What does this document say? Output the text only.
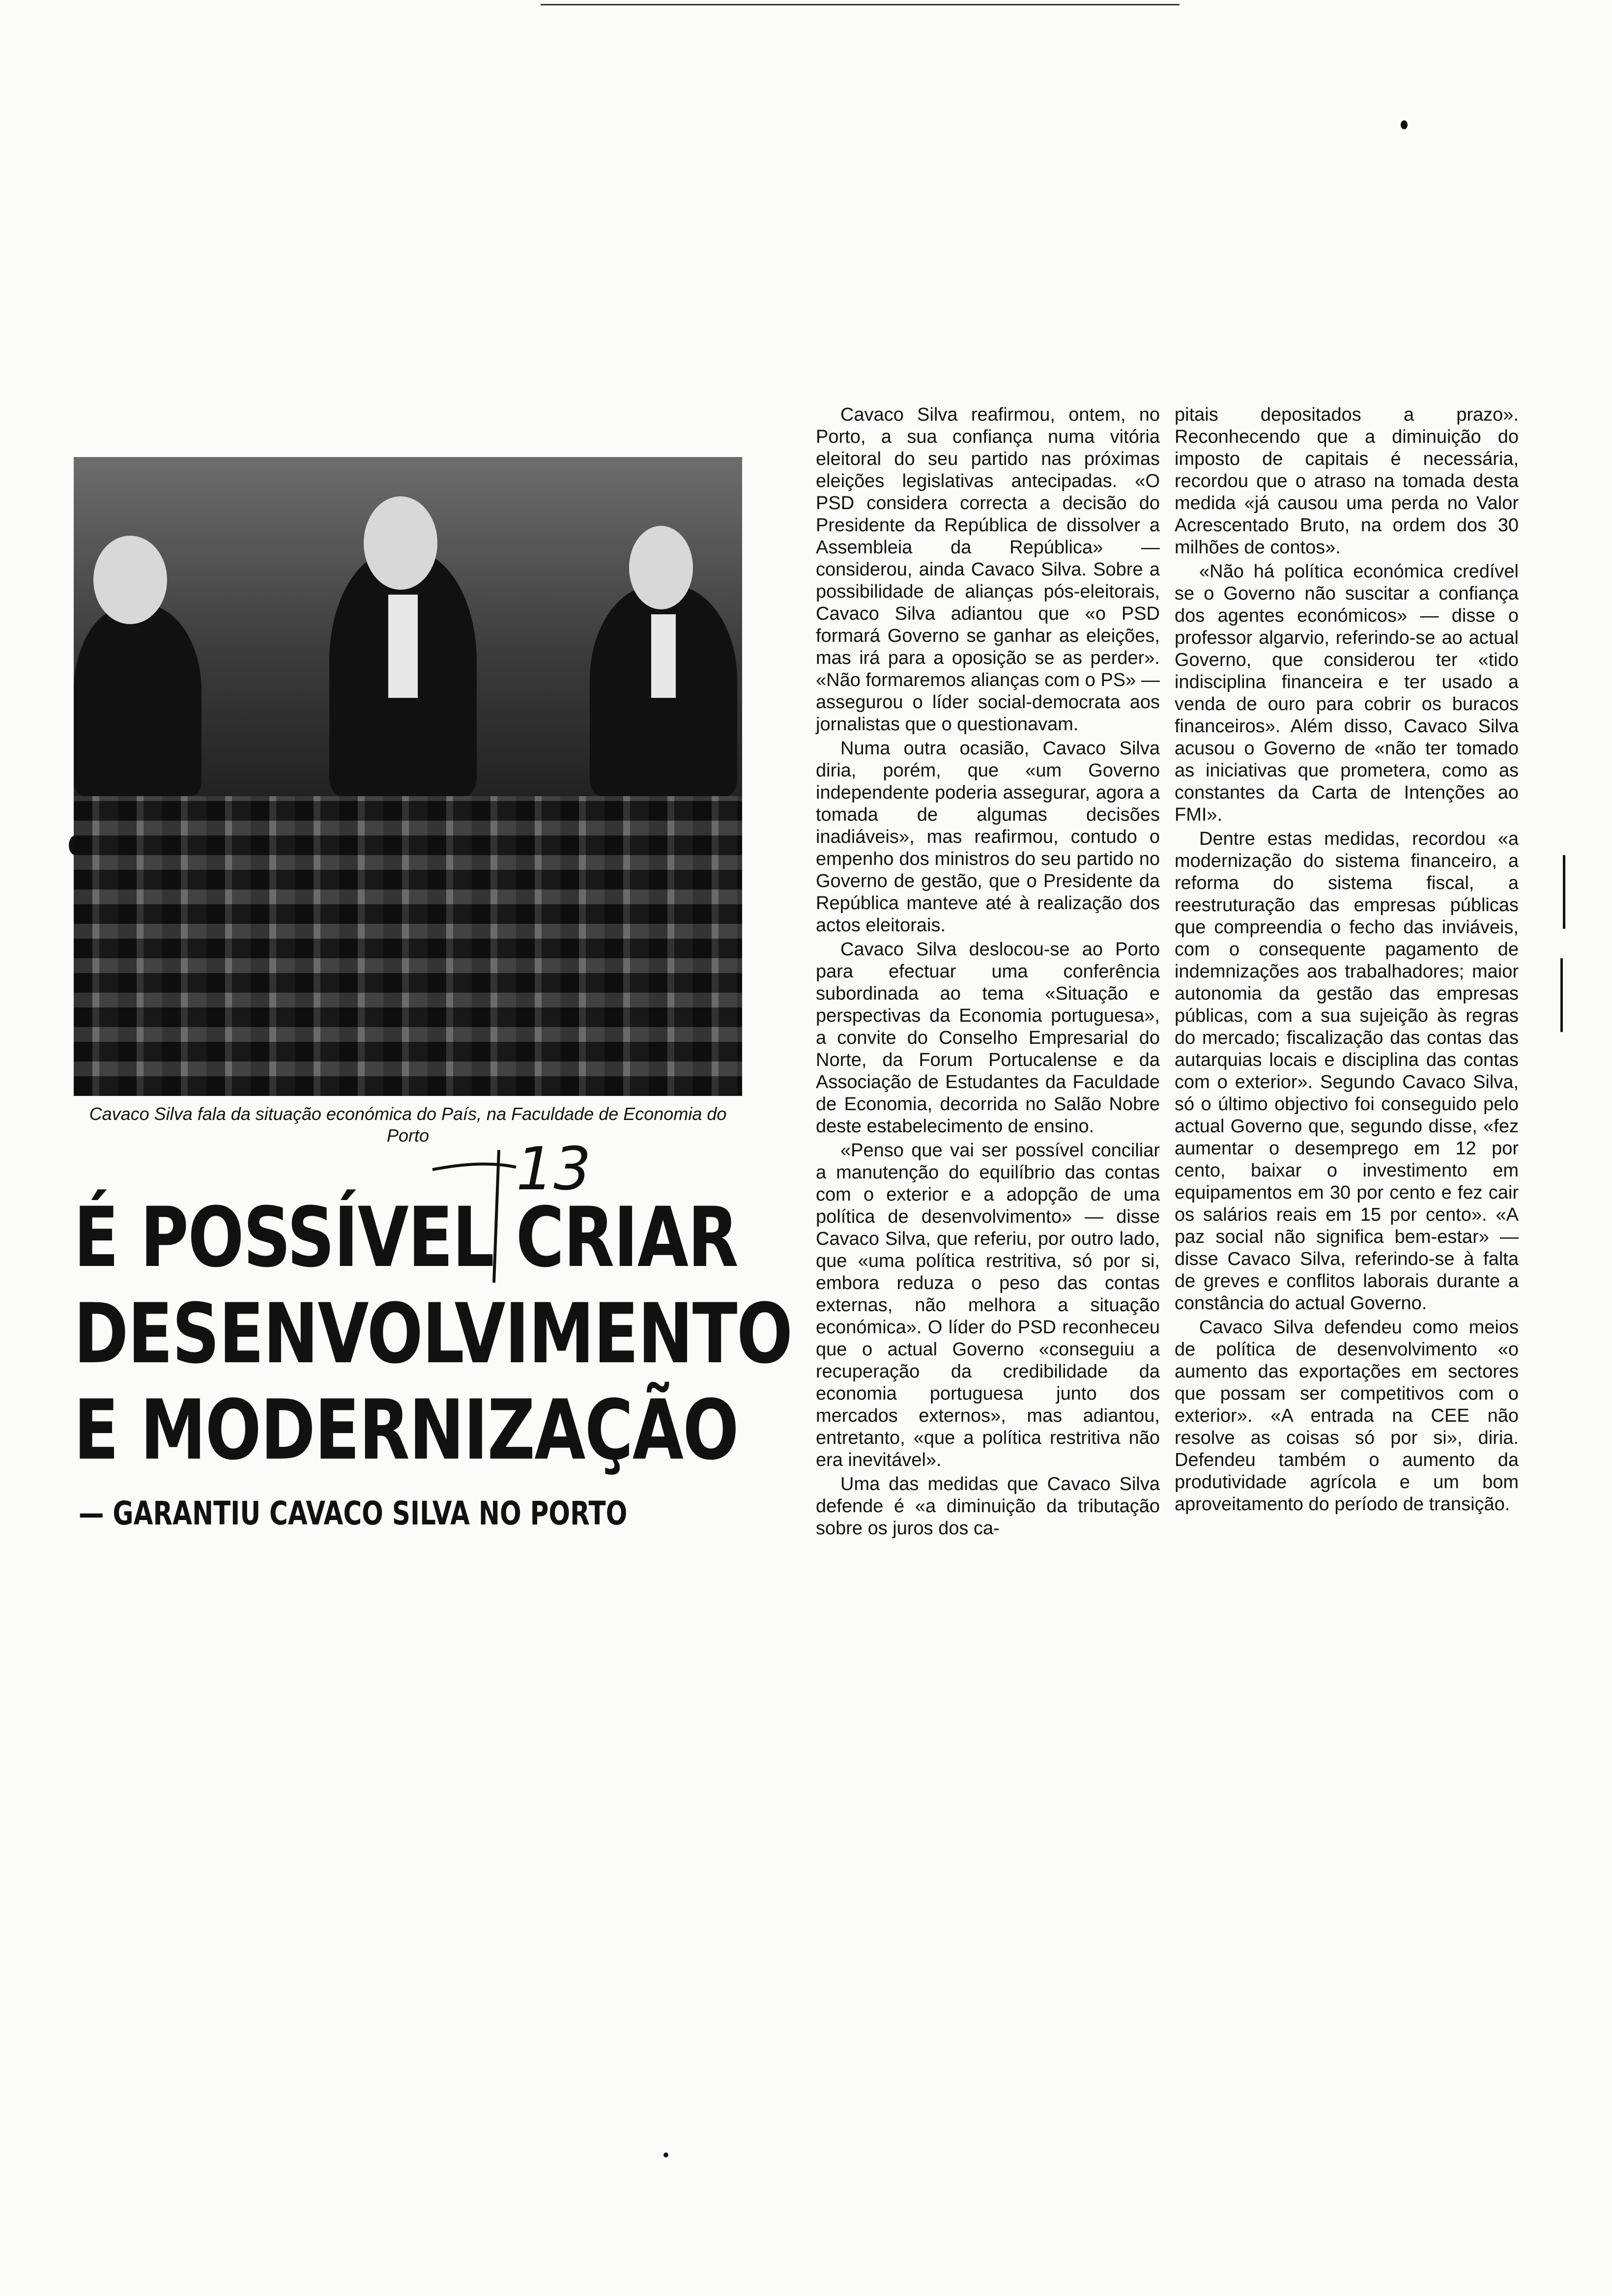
Cavaco Silva fala da situação económica do País, na Faculdade de Economia do Porto
É POSSÍVEL CRIAR
DESENVOLVIMENTO
E MODERNIZAÇÃO
13
— GARANTIU CAVACO SILVA NO PORTO

Cavaco Silva reafirmou, ontem, no Porto, a sua confiança numa vitória eleitoral do seu partido nas próximas eleições legislativas antecipadas. «O PSD considera correcta a decisão do Presidente da República de dissolver a Assembleia da República» — considerou, ainda Cavaco Silva. Sobre a possibilidade de alianças pós-eleitorais, Cavaco Silva adiantou que «o PSD formará Governo se ganhar as eleições, mas irá para a oposição se as perder». «Não formaremos alianças com o PS» — assegurou o líder social-democrata aos jornalistas que o questionavam.

Numa outra ocasião, Cavaco Silva diria, porém, que «um Governo independente poderia assegurar, agora a tomada de algumas decisões inadiáveis», mas reafirmou, contudo o empenho dos ministros do seu partido no Governo de gestão, que o Presidente da República manteve até à realização dos actos eleitorais.

Cavaco Silva deslocou-se ao Porto para efectuar uma conferência subordinada ao tema «Situação e perspectivas da Economia portuguesa», a convite do Conselho Empresarial do Norte, da Forum Portucalense e da Associação de Estudantes da Faculdade de Economia, decorrida no Salão Nobre deste estabelecimento de ensino.

«Penso que vai ser possível conciliar a manutenção do equilíbrio das contas com o exterior e a adopção de uma política de desenvolvimento» — disse Cavaco Silva, que referiu, por outro lado, que «uma política restritiva, só por si, embora reduza o peso das contas externas, não melhora a situação económica». O líder do PSD reconheceu que o actual Governo «conseguiu a recuperação da credibilidade da economia portuguesa junto dos mercados externos», mas adiantou, entretanto, «que a política restritiva não era inevitável».

Uma das medidas que Cavaco Silva defende é «a diminuição da tributação sobre os juros dos ca-

pitais depositados a prazo». Reconhecendo que a diminuição do imposto de capitais é necessária, recordou que o atraso na tomada desta medida «já causou uma perda no Valor Acrescentado Bruto, na ordem dos 30 milhões de contos».

«Não há política económica credível se o Governo não suscitar a confiança dos agentes económicos» — disse o professor algarvio, referindo-se ao actual Governo, que considerou ter «tido indisciplina financeira e ter usado a venda de ouro para cobrir os buracos financeiros». Além disso, Cavaco Silva acusou o Governo de «não ter tomado as iniciativas que prometera, como as constantes da Carta de Intenções ao FMI».

Dentre estas medidas, recordou «a modernização do sistema financeiro, a reforma do sistema fiscal, a reestruturação das empresas públicas que compreendia o fecho das inviáveis, com o consequente pagamento de indemnizações aos trabalhadores; maior autonomia da gestão das empresas públicas, com a sua sujeição às regras do mercado; fiscalização das contas das autarquias locais e disciplina das contas com o exterior». Segundo Cavaco Silva, só o último objectivo foi conseguido pelo actual Governo que, segundo disse, «fez aumentar o desemprego em 12 por cento, baixar o investimento em equipamentos em 30 por cento e fez cair os salários reais em 15 por cento». «A paz social não significa bem-estar» — disse Cavaco Silva, referindo-se à falta de greves e conflitos laborais durante a constância do actual Governo.

Cavaco Silva defendeu como meios de política de desenvolvimento «o aumento das exportações em sectores que possam ser competitivos com o exterior». «A entrada na CEE não resolve as coisas só por si», diria. Defendeu também o aumento da produtividade agrícola e um bom aproveitamento do período de transição.
